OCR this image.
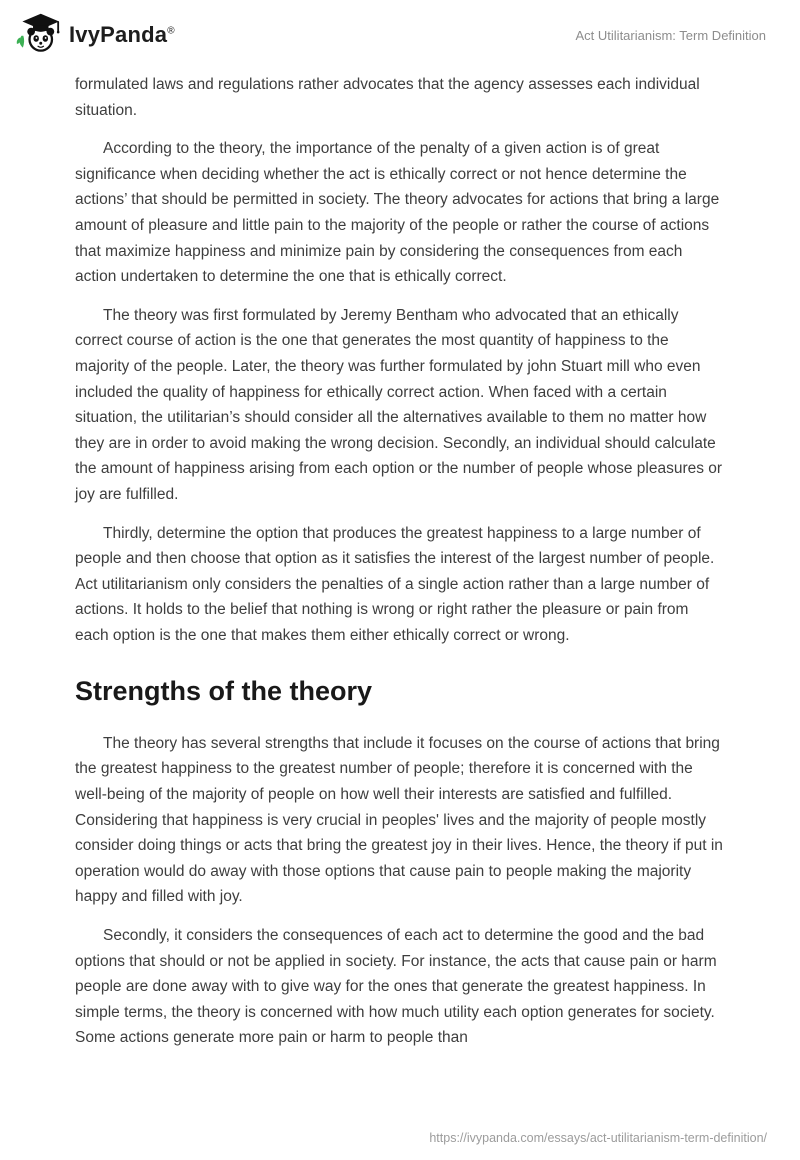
IvyPanda®	Act Utilitarianism: Term Definition

formulated laws and regulations rather advocates that the agency assesses each individual situation.

According to the theory, the importance of the penalty of a given action is of great significance when deciding whether the act is ethically correct or not hence determine the actions’ that should be permitted in society. The theory advocates for actions that bring a large amount of pleasure and little pain to the majority of the people or rather the course of actions that maximize happiness and minimize pain by considering the consequences from each action undertaken to determine the one that is ethically correct.

The theory was first formulated by Jeremy Bentham who advocated that an ethically correct course of action is the one that generates the most quantity of happiness to the majority of the people. Later, the theory was further formulated by john Stuart mill who even included the quality of happiness for ethically correct action. When faced with a certain situation, the utilitarian’s should consider all the alternatives available to them no matter how they are in order to avoid making the wrong decision. Secondly, an individual should calculate the amount of happiness arising from each option or the number of people whose pleasures or joy are fulfilled.

Thirdly, determine the option that produces the greatest happiness to a large number of people and then choose that option as it satisfies the interest of the largest number of people. Act utilitarianism only considers the penalties of a single action rather than a large number of actions. It holds to the belief that nothing is wrong or right rather the pleasure or pain from each option is the one that makes them either ethically correct or wrong.

Strengths of the theory

The theory has several strengths that include it focuses on the course of actions that bring the greatest happiness to the greatest number of people; therefore it is concerned with the well-being of the majority of people on how well their interests are satisfied and fulfilled. Considering that happiness is very crucial in peoples' lives and the majority of people mostly consider doing things or acts that bring the greatest joy in their lives. Hence, the theory if put in operation would do away with those options that cause pain to people making the majority happy and filled with joy.

Secondly, it considers the consequences of each act to determine the good and the bad options that should or not be applied in society. For instance, the acts that cause pain or harm people are done away with to give way for the ones that generate the greatest happiness. In simple terms, the theory is concerned with how much utility each option generates for society. Some actions generate more pain or harm to people than

https://ivypanda.com/essays/act-utilitarianism-term-definition/
